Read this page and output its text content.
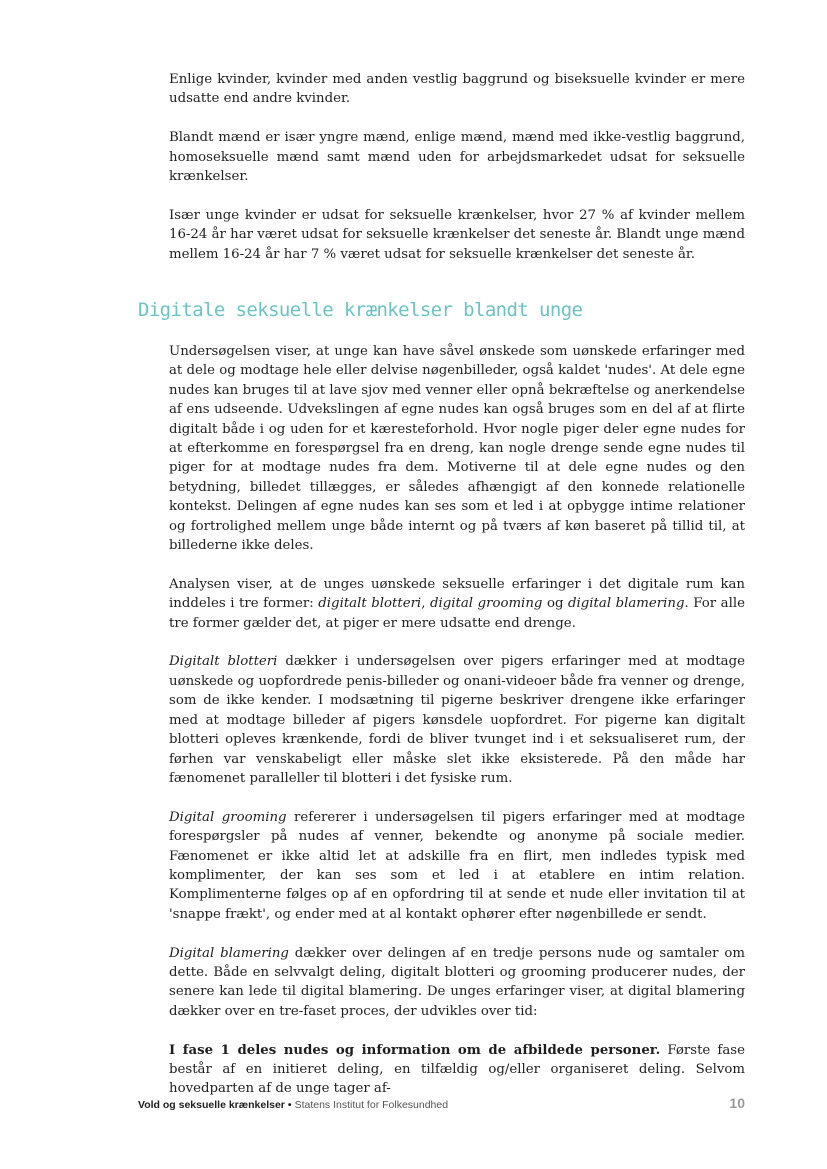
Enlige kvinder, kvinder med anden vestlig baggrund og biseksuelle kvinder er mere udsatte end andre kvinder.

Blandt mænd er især yngre mænd, enlige mænd, mænd med ikke-vestlig baggrund, homoseksuelle mænd samt mænd uden for arbejdsmarkedet udsat for seksuelle krænkelser.

Især unge kvinder er udsat for seksuelle krænkelser, hvor 27 % af kvinder mellem 16-24 år har været udsat for seksuelle krænkelser det seneste år. Blandt unge mænd mellem 16-24 år har 7 % været udsat for seksuelle krænkelser det seneste år.

Digitale seksuelle krænkelser blandt unge

Undersøgelsen viser, at unge kan have såvel ønskede som uønskede erfaringer med at dele og modtage hele eller delvise nøgenbilleder, også kaldet 'nudes'. At dele egne nudes kan bruges til at lave sjov med venner eller opnå bekræftelse og anerkendelse af ens udseende. Udvekslingen af egne nudes kan også bruges som en del af at flirte digitalt både i og uden for et kæresteforhold. Hvor nogle piger deler egne nudes for at efterkomme en forespørgsel fra en dreng, kan nogle drenge sende egne nudes til piger for at modtage nudes fra dem. Motiverne til at dele egne nudes og den betydning, billedet tillægges, er således afhængigt af den konnede relationelle kontekst. Delingen af egne nudes kan ses som et led i at opbygge intime relationer og fortrolighed mellem unge både internt og på tværs af køn baseret på tillid til, at billederne ikke deles.

Analysen viser, at de unges uønskede seksuelle erfaringer i det digitale rum kan inddeles i tre former: digitalt blotteri, digital grooming og digital blamering. For alle tre former gælder det, at piger er mere udsatte end drenge.

Digitalt blotteri dækker i undersøgelsen over pigers erfaringer med at modtage uønskede og uopfordrede penis-billeder og onani-videoer både fra venner og drenge, som de ikke kender. I modsætning til pigerne beskriver drengene ikke erfaringer med at modtage billeder af pigers kønsdele uopfordret. For pigerne kan digitalt blotteri opleves krænkende, fordi de bliver tvunget ind i et seksualiseret rum, der førhen var venskabeligt eller måske slet ikke eksisterede. På den måde har fænomenet paralleller til blotteri i det fysiske rum.

Digital grooming refererer i undersøgelsen til pigers erfaringer med at modtage forespørgsler på nudes af venner, bekendte og anonyme på sociale medier. Fænomenet er ikke altid let at adskille fra en flirt, men indledes typisk med komplimenter, der kan ses som et led i at etablere en intim relation. Komplimenterne følges op af en opfordring til at sende et nude eller invitation til at 'snappe frækt', og ender med at al kontakt ophører efter nøgenbillede er sendt.

Digital blamering dækker over delingen af en tredje persons nude og samtaler om dette. Både en selvvalgt deling, digitalt blotteri og grooming producerer nudes, der senere kan lede til digital blamering. De unges erfaringer viser, at digital blamering dækker over en tre-faset proces, der udvikles over tid:

I fase 1 deles nudes og information om de afbildede personer. Første fase består af en initieret deling, en tilfældig og/eller organiseret deling. Selvom hovedparten af de unge tager af-

Vold og seksuelle krænkelser • Statens Institut for Folkesundhed	10
